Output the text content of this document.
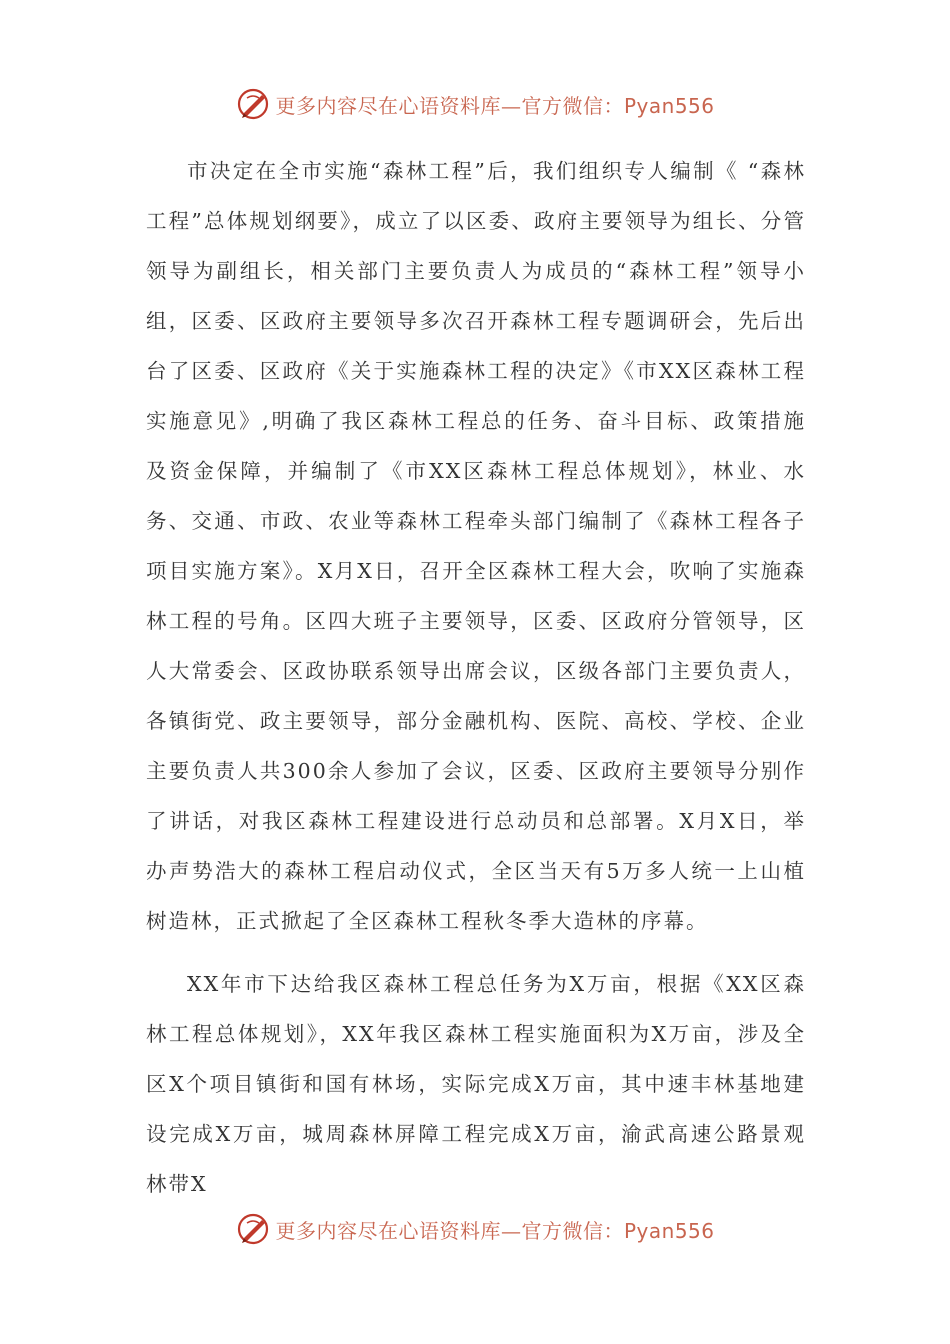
更多内容尽在心语资料库—官方微信：Pyan556

市决定在全市实施“森林工程”后，我们组织专人编制《 “森林工程”总体规划纲要》，成立了以区委、政府主要领导为组长、分管领导为副组长，相关部门主要负责人为成员的“森林工程”领导小组，区委、区政府主要领导多次召开森林工程专题调研会，先后出台了区委、区政府《关于实施森林工程的决定》《市XX区森林工程实施意见》,明确了我区森林工程总的任务、奋斗目标、政策措施及资金保障，并编制了《市XX区森林工程总体规划》，林业、水务、交通、市政、农业等森林工程牵头部门编制了《森林工程各子项目实施方案》。X月X日，召开全区森林工程大会，吹响了实施森林工程的号角。区四大班子主要领导，区委、区政府分管领导，区人大常委会、区政协联系领导出席会议，区级各部门主要负责人，各镇街党、政主要领导，部分金融机构、医院、高校、学校、企业主要负责人共300余人参加了会议，区委、区政府主要领导分别作了讲话，对我区森林工程建设进行总动员和总部署。X月X日，举办声势浩大的森林工程启动仪式，全区当天有5万多人统一上山植树造林，正式掀起了全区森林工程秋冬季大造林的序幕。

XX年市下达给我区森林工程总任务为X万亩，根据《XX区森林工程总体规划》，XX年我区森林工程实施面积为X万亩，涉及全区X个项目镇街和国有林场，实际完成X万亩，其中速丰林基地建设完成X万亩，城周森林屏障工程完成X万亩，渝武高速公路景观林带X

更多内容尽在心语资料库—官方微信：Pyan556
